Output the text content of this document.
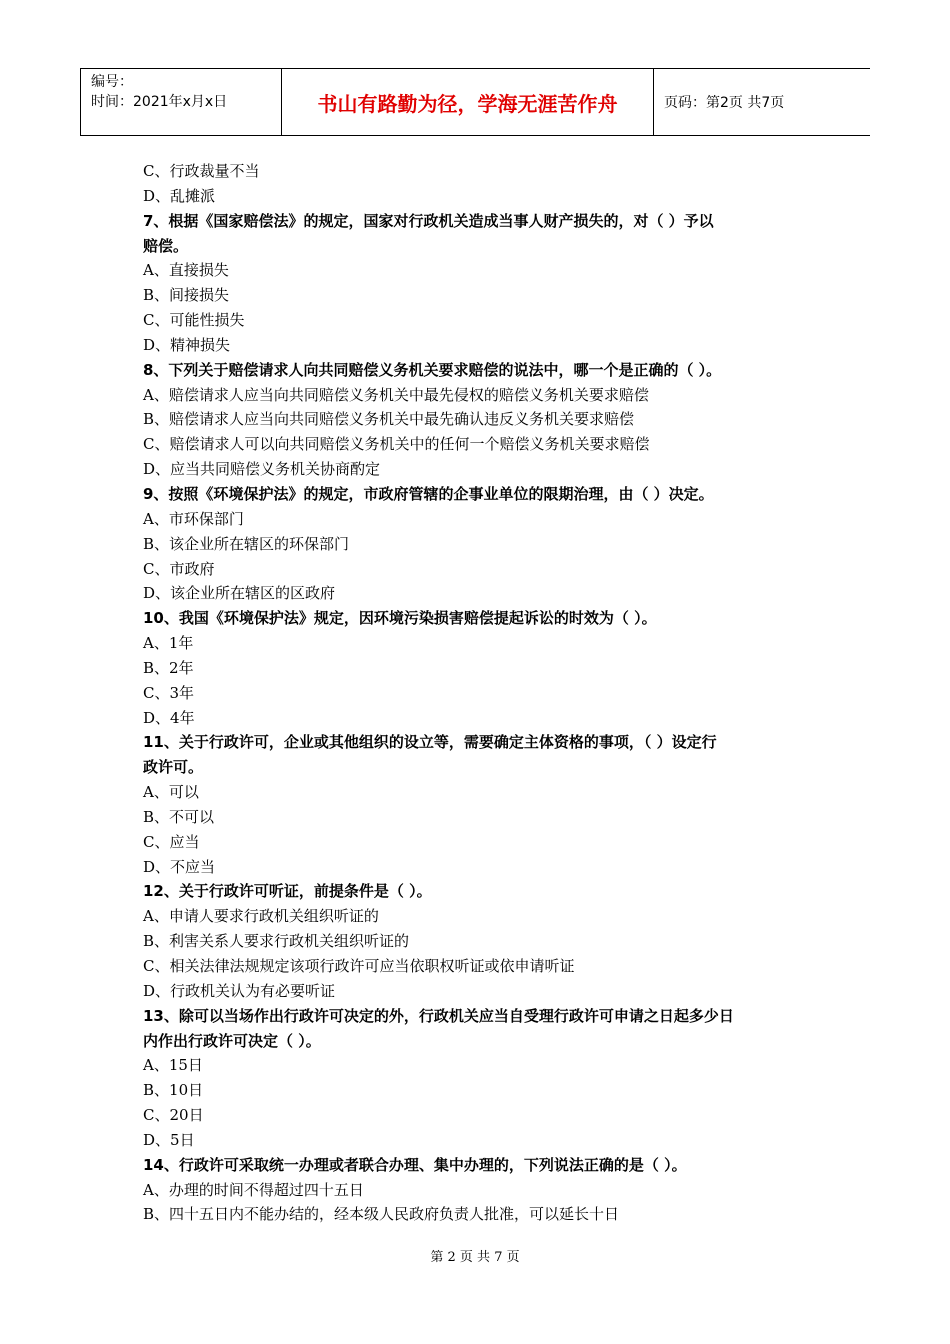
编号：
时间：2021年x月x日	书山有路勤为径，学海无涯苦作舟	页码：第2页 共7页
C、行政裁量不当
D、乱摊派
7、根据《国家赔偿法》的规定，国家对行政机关造成当事人财产损失的，对（ ）予以
赔偿。
A、直接损失
B、间接损失
C、可能性损失
D、精神损失
8、下列关于赔偿请求人向共同赔偿义务机关要求赔偿的说法中，哪一个是正确的（ ）。
A、赔偿请求人应当向共同赔偿义务机关中最先侵权的赔偿义务机关要求赔偿
B、赔偿请求人应当向共同赔偿义务机关中最先确认违反义务机关要求赔偿
C、赔偿请求人可以向共同赔偿义务机关中的任何一个赔偿义务机关要求赔偿
D、应当共同赔偿义务机关协商酌定
9、按照《环境保护法》的规定，市政府管辖的企事业单位的限期治理，由（ ）决定。
A、市环保部门
B、该企业所在辖区的环保部门
C、市政府
D、该企业所在辖区的区政府
10、我国《环境保护法》规定，因环境污染损害赔偿提起诉讼的时效为（ ）。
A、1年
B、2年
C、3年
D、4年
11、关于行政许可，企业或其他组织的设立等，需要确定主体资格的事项，（ ）设定行
政许可。
A、可以
B、不可以
C、应当
D、不应当
12、关于行政许可听证，前提条件是（ ）。
A、申请人要求行政机关组织听证的
B、利害关系人要求行政机关组织听证的
C、相关法律法规规定该项行政许可应当依职权听证或依申请听证
D、行政机关认为有必要听证
13、除可以当场作出行政许可决定的外，行政机关应当自受理行政许可申请之日起多少日
内作出行政许可决定（ ）。
A、15日
B、10日
C、20日
D、5日
14、行政许可采取统一办理或者联合办理、集中办理的，下列说法正确的是（ ）。
A、办理的时间不得超过四十五日
B、四十五日内不能办结的，经本级人民政府负责人批准，可以延长十日
第 2 页 共 7 页
